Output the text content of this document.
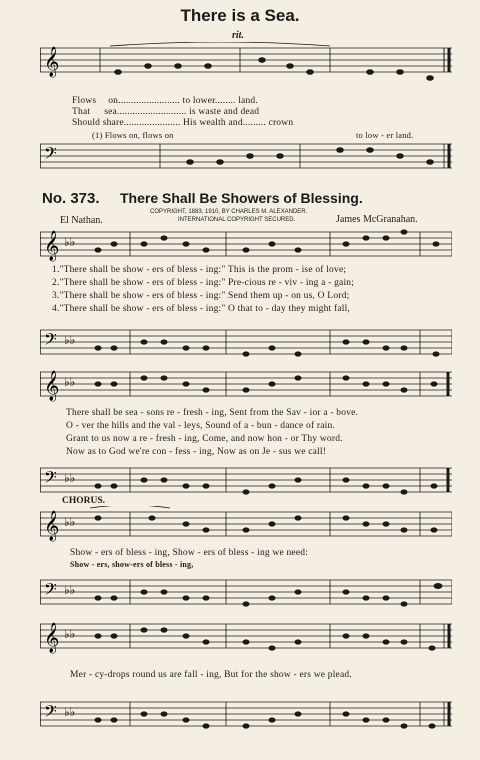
There is a Sea.
rit.
𝄞
Flows on........................ to lower........ land.
That sea........................... is waste and dead
Should share...................... His wealth and......... crown
(1) Flows on, flows on	to low - er land.
𝄢
No. 373. There Shall Be Showers of Blessing.
El Nathan.
COPYRIGHT, 1883, 1910, BY CHARLES M. ALEXANDER.
INTERNATIONAL COPYRIGHT SECURED.	James McGranahan.
𝄞 ♭♭
1."There shall be show - ers of bless - ing:" This is the prom - ise of love;
2."There shall be show - ers of bless - ing:" Pre-cious re - viv - ing a - gain;
3."There shall be show - ers of bless - ing:" Send them up - on us, O Lord;
4."There shall be show - ers of bless - ing:" O that to - day they might fall,
𝄢 ♭♭
𝄞 ♭♭
There shall be sea - sons re - fresh - ing, Sent from the Sav - ior a - bove.
O - ver the hills and the val - leys, Sound of a - bun - dance of rain.
Grant to us now a re - fresh - ing, Come, and now hon - or Thy word.
Now as to God we're con - fess - ing, Now as on Je - sus we call!
𝄢 ♭♭
CHORUS.
𝄞 ♭♭
Show - ers of bless - ing, Show - ers of bless - ing we need:
Show - ers, show-ers of bless - ing,
𝄢 ♭♭
𝄞 ♭♭
Mer - cy-drops round us are fall - ing, But for the show - ers we plead.
𝄢 ♭♭
